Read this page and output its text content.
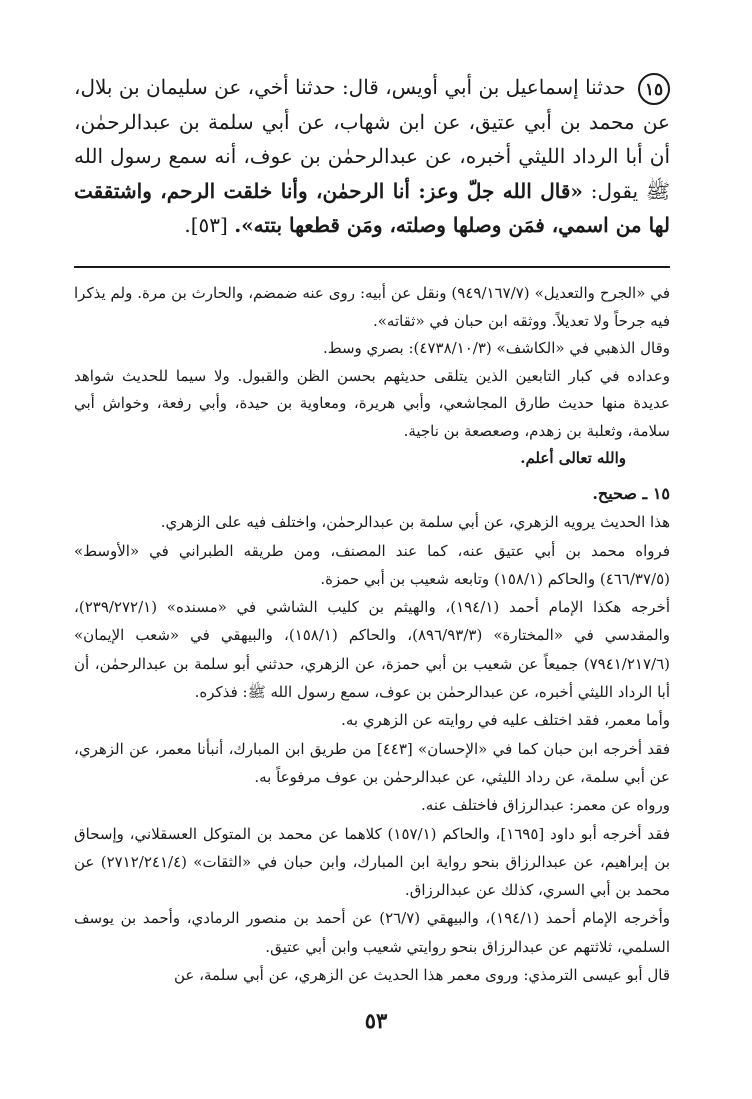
١٥ حدثنا إسماعيل بن أبي أويس، قال: حدثنا أخي، عن سليمان بن بلال، عن محمد بن أبي عتيق، عن ابن شهاب، عن أبي سلمة بن عبدالرحمٰن، أن أبا الرداد الليثي أخبره، عن عبدالرحمٰن بن عوف، أنه سمع رسول الله ﷺ يقول: «قال الله جلّ وعز: أنا الرحمٰن، وأنا خلقت الرحم، واشتققت لها من اسمي، فمَن وصلها وصلته، ومَن قطعها بتته». [٥٣].

في «الجرح والتعديل» (٩٤٩/١٦٧/٧) ونقل عن أبيه: روى عنه ضمضم، والحارث بن مرة. ولم يذكرا فيه جرحاً ولا تعديلاً. ووثقه ابن حبان في «ثقاته».

وقال الذهبي في «الكاشف» (٤٧٣٨/١٠/٣): بصري وسط.

وعداده في كبار التابعين الذين يتلقى حديثهم بحسن الظن والقبول. ولا سيما للحديث شواهد عديدة منها حديث طارق المجاشعي، وأبي هريرة، ومعاوية بن حيدة، وأبي رفعة، وخواش أبي سلامة، وثعلبة بن زهدم، وصعصعة بن ناجية.

والله تعالى أعلم.

١٥ ـ صحيح.

هذا الحديث يرويه الزهري، عن أبي سلمة بن عبدالرحمٰن، واختلف فيه على الزهري.

فرواه محمد بن أبي عتيق عنه، كما عند المصنف، ومن طريقه الطبراني في «الأوسط» (٤٦٦/٣٧/٥) والحاكم (١٥٨/١) وتابعه شعيب بن أبي حمزة.

أخرجه هكذا الإمام أحمد (١٩٤/١)، والهيثم بن كليب الشاشي في «مسنده» (٢٣٩/٢٧٢/١)، والمقدسي في «المختارة» (٨٩٦/٩٣/٣)، والحاكم (١٥٨/١)، والبيهقي في «شعب الإيمان» (٧٩٤١/٢١٧/٦) جميعاً عن شعيب بن أبي حمزة، عن الزهري، حدثني أبو سلمة بن عبدالرحمٰن، أن أبا الرداد الليثي أخبره، عن عبدالرحمٰن بن عوف، سمع رسول الله ﷺ: فذكره.

وأما معمر، فقد اختلف عليه في روايته عن الزهري به.

فقد أخرجه ابن حبان كما في «الإحسان» [٤٤٣] من طريق ابن المبارك، أنبأنا معمر، عن الزهري، عن أبي سلمة، عن رداد الليثي، عن عبدالرحمٰن بن عوف مرفوعاً به.

ورواه عن معمر: عبدالرزاق فاختلف عنه.

فقد أخرجه أبو داود [١٦٩٥]، والحاكم (١٥٧/١) كلاهما عن محمد بن المتوكل العسقلاني، وإسحاق بن إبراهيم، عن عبدالرزاق بنحو رواية ابن المبارك، وابن حبان في «الثقات» (٢٧١٢/٢٤١/٤) عن محمد بن أبي السري، كذلك عن عبدالرزاق.

وأخرجه الإمام أحمد (١٩٤/١)، والبيهقي (٢٦/٧) عن أحمد بن منصور الرمادي، وأحمد بن يوسف السلمي، ثلاثتهم عن عبدالرزاق بنحو روايتي شعيب وابن أبي عتيق.

قال أبو عيسى الترمذي: وروى معمر هذا الحديث عن الزهري، عن أبي سلمة، عن

٥٣
